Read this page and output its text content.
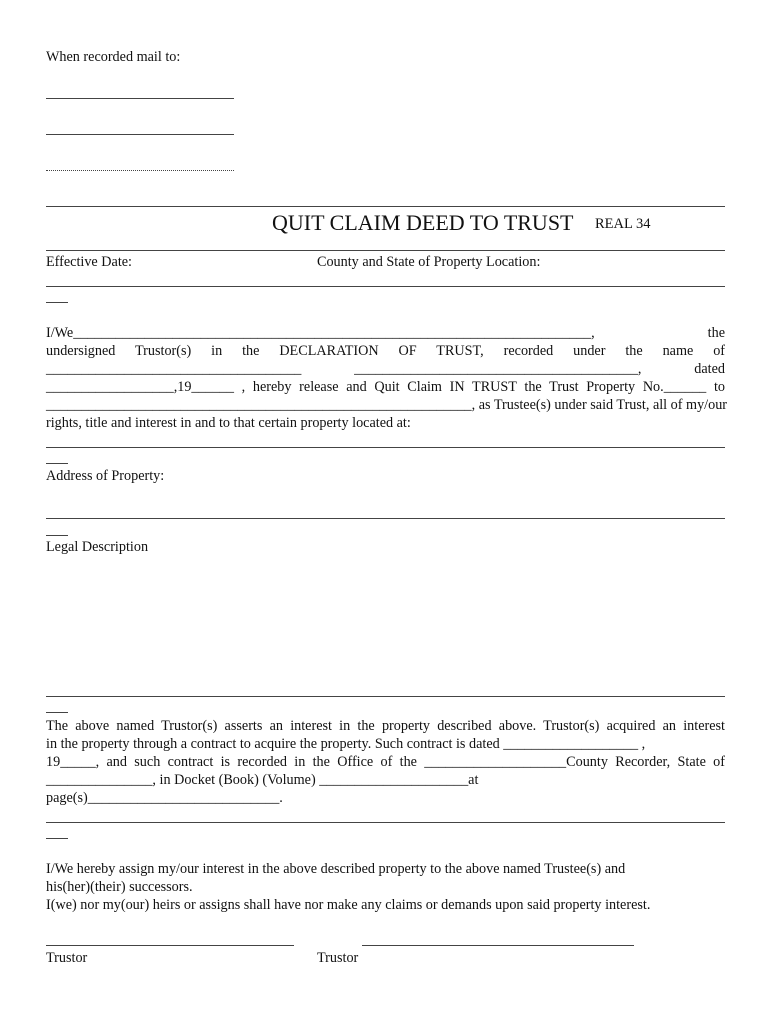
When recorded mail to:
QUIT CLAIM DEED TO TRUST REAL 34
Effective Date:	County and State of Property Location:
I/We_________________________________________________________________________,	the
undersigned Trustor(s) in the DECLARATION OF TRUST, recorded under the name of
____________________________________	________________________________________,	dated
__________________,19______ , hereby release and Quit Claim IN TRUST the Trust Property No.______ to
____________________________________________________________, as Trustee(s) under said Trust, all of my/our
rights, title and interest in and to that certain property located at:
Address of Property:
Legal Description
The above named Trustor(s) asserts an interest in the property described above. Trustor(s) acquired an interest
in the property through a contract to acquire the property. Such contract is dated ___________________ ,
19_____, and such contract is recorded in the Office of the ____________________County Recorder, State of
_______________, in Docket (Book) (Volume) _____________________at
page(s)___________________________.
I/We hereby assign my/our interest in the above described property to the above named Trustee(s) and
his(her)(their) successors.
I(we) nor my(our) heirs or assigns shall have nor make any claims or demands upon said property interest.
Trustor	Trustor
